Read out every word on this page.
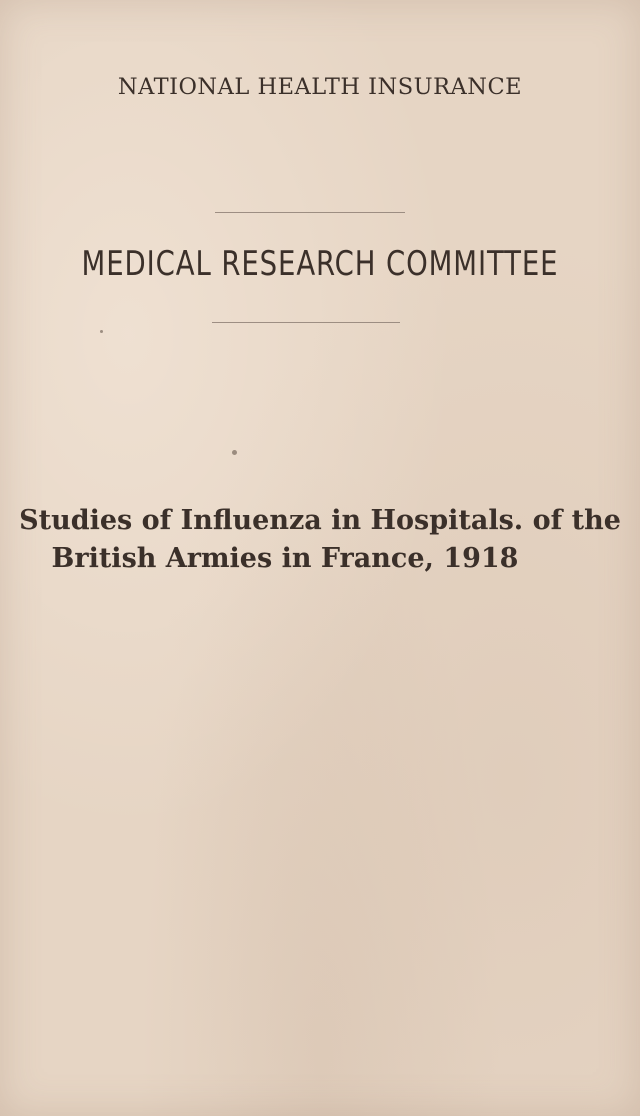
NATIONAL HEALTH INSURANCE
MEDICAL RESEARCH COMMITTEE
Studies of Influenza in Hospitals. of the
British Armies in France, 1918
